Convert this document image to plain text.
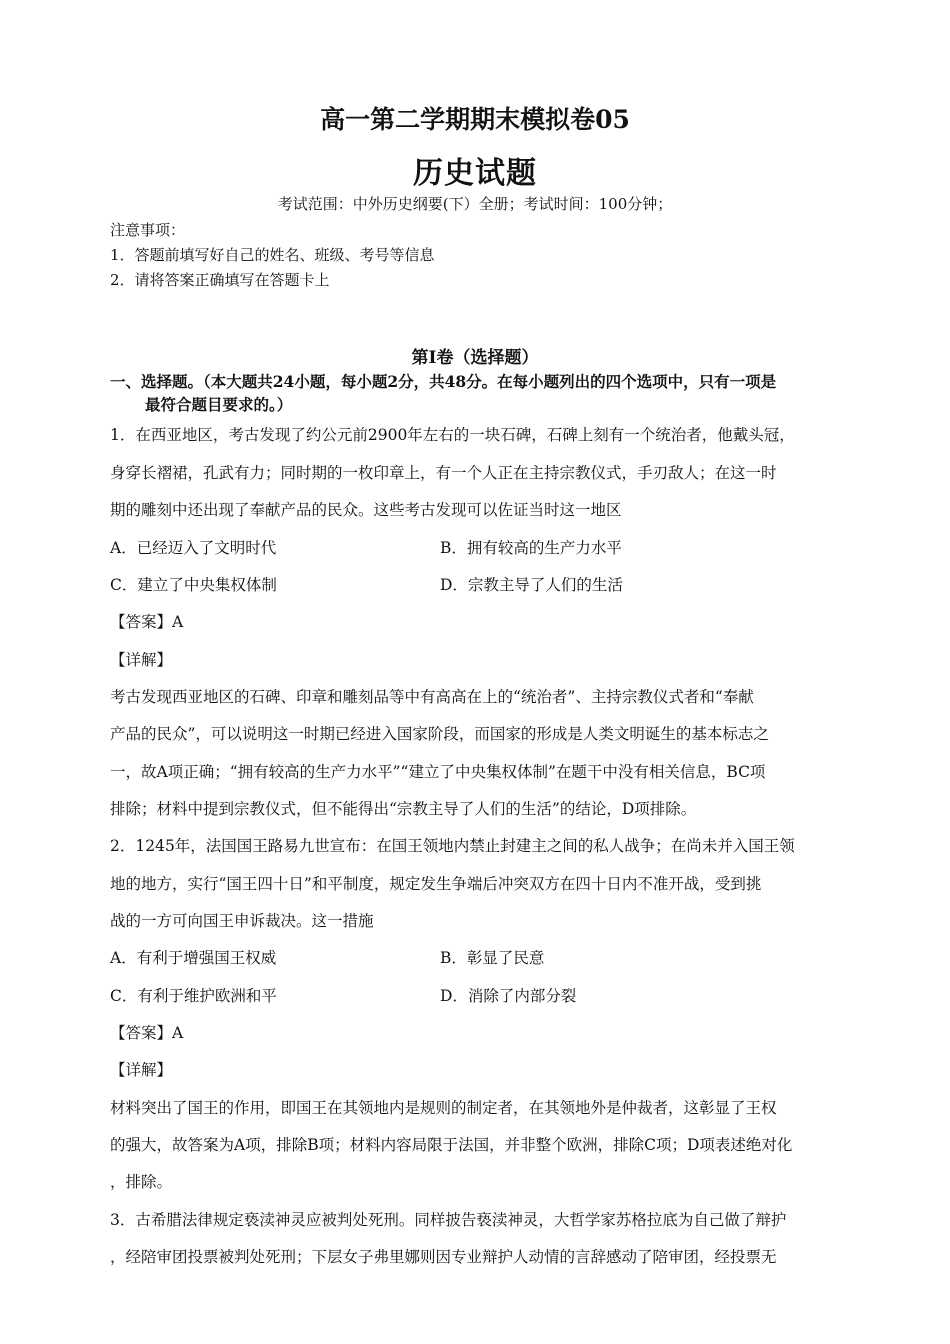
高一第二学期期末模拟卷05
历史试题
考试范围：中外历史纲要(下）全册；考试时间：100分钟；
注意事项：
1．答题前填写好自己的姓名、班级、考号等信息
2．请将答案正确填写在答题卡上
第I卷（选择题）
一、选择题。（本大题共24小题，每小题2分，共48分。在每小题列出的四个选项中，只有一项是
最符合题目要求的。）
1．在西亚地区，考古发现了约公元前2900年左右的一块石碑，石碑上刻有一个统治者，他戴头冠，
身穿长褶裙，孔武有力；同时期的一枚印章上，有一个人正在主持宗教仪式，手刃敌人；在这一时
期的雕刻中还出现了奉献产品的民众。这些考古发现可以佐证当时这一地区
A．已经迈入了文明时代	B．拥有较高的生产力水平
C．建立了中央集权体制	D．宗教主导了人们的生活
【答案】A
【详解】
考古发现西亚地区的石碑、印章和雕刻品等中有高高在上的“统治者”、主持宗教仪式者和“奉献
产品的民众”，可以说明这一时期已经进入国家阶段，而国家的形成是人类文明诞生的基本标志之
一，故A项正确；“拥有较高的生产力水平”“建立了中央集权体制”在题干中没有相关信息，BC项
排除；材料中提到宗教仪式，但不能得出“宗教主导了人们的生活”的结论，D项排除。
2．1245年，法国国王路易九世宣布：在国王领地内禁止封建主之间的私人战争；在尚未并入国王领
地的地方，实行“国王四十日”和平制度，规定发生争端后冲突双方在四十日内不准开战，受到挑
战的一方可向国王申诉裁决。这一措施
A．有利于增强国王权威	B．彰显了民意
C．有利于维护欧洲和平	D．消除了内部分裂
【答案】A
【详解】
材料突出了国王的作用，即国王在其领地内是规则的制定者，在其领地外是仲裁者，这彰显了王权
的强大，故答案为A项，排除B项；材料内容局限于法国，并非整个欧洲，排除C项；D项表述绝对化
，排除。
3．古希腊法律规定亵渎神灵应被判处死刑。同样披告亵渎神灵，大哲学家苏格拉底为自己做了辩护
，经陪审团投票被判处死刑；下层女子弗里娜则因专业辩护人动情的言辞感动了陪审团，经投票无
